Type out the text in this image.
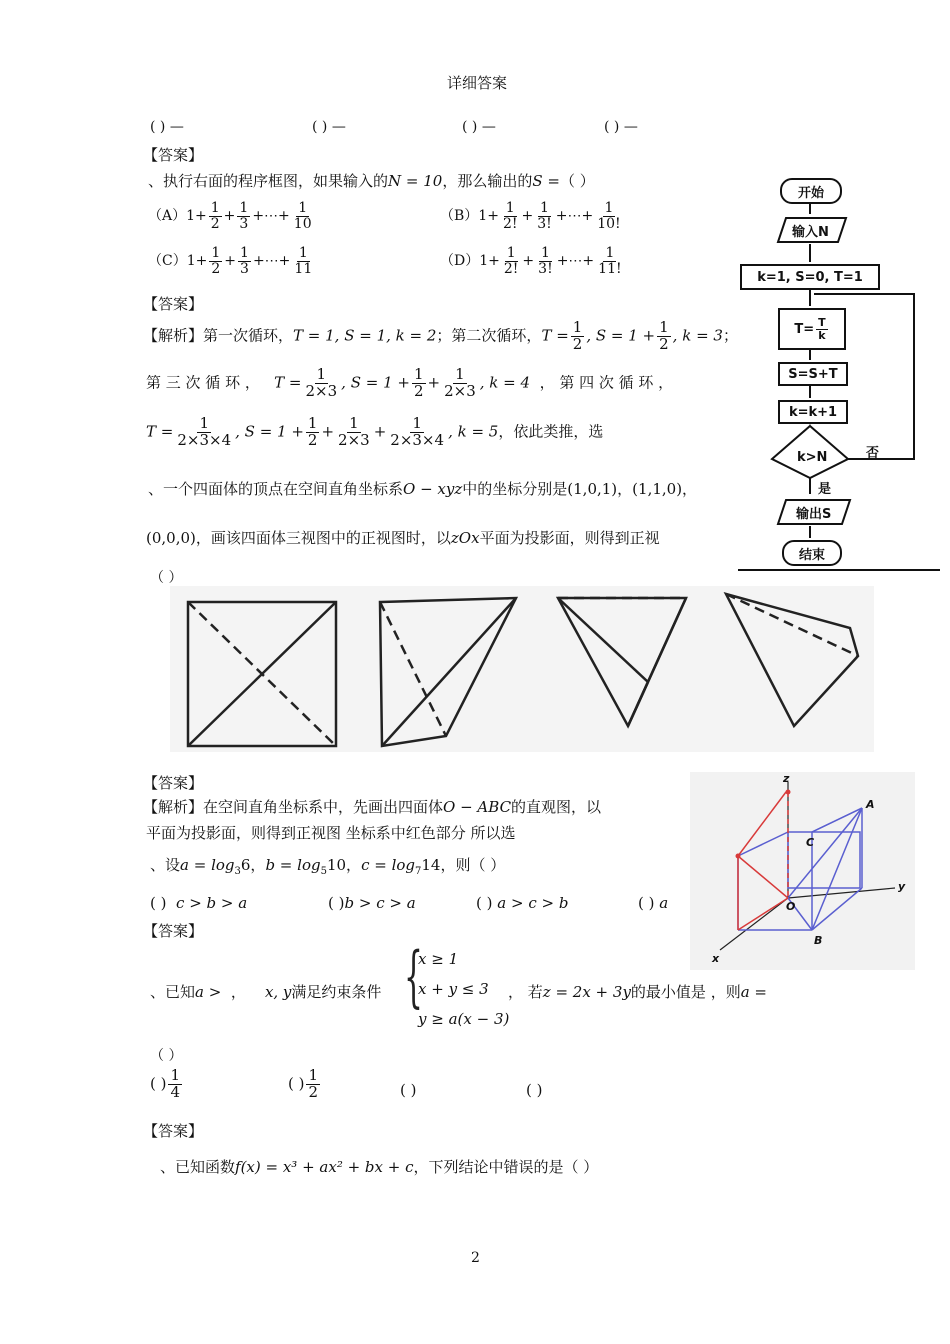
详细答案
( ) —	( ) —	( ) —	( ) —
【答案】
、执行右面的程序框图，如果输入的N = 10，那么输出的S =（ ）
$(A)1+ \frac{1}{2} + \frac{1}{3}$ +⋯+ $\frac{1}{10}$	$(B)1+ \frac{1}{2!} + \frac{1}{3!}$ +⋯+ $\frac{1}{10!}$
$(C)1+ \frac{1}{2} + \frac{1}{3}$ +⋯+ $\frac{1}{11}$	$(D)1+ \frac{1}{2!} + \frac{1}{3!}$ +⋯+ $\frac{1}{11!}$
【答案】
【解析】第一次循环，T = 1, S = 1, k = 2；第二次循环，$T = \frac{1}{2}$ , $S = 1 + \frac{1}{2}$ , k = 3；
第 三 次 循 环 ， $T = \frac{1}{2\times 3}$ , $S = 1 + \frac{1}{2} + \frac{1}{2\times 3}$ , k = 4 ， 第 四 次 循 环 ，
$T = \frac{1}{2\times 3\times 4}$ , $S = 1 + \frac{1}{2} + \frac{1}{2\times 3} + \frac{1}{2\times 3\times 4}$ , k = 5，依此类推，选
开始
输入N
k=1, S=0, T=1
$T= \frac{T}{k}$
S=S+T
k=k+1
k>N	否
是
输出S
结束
、一个四面体的顶点在空间直角坐标系O − xyz中的坐标分别是(1,0,1)，(1,1,0)，
(0,0,0)，画该四面体三视图中的正视图时，以zOx平面为投影面，则得到正视
（ ）
【答案】
【解析】在空间直角坐标系中，先画出四面体O − ABC的直观图，以
平面为投影面，则得到正视图 坐标系中红色部分 所以选
z
y
x
A
B
C
O
、设$a = \log_36$，$b = \log_510$，$c = \log_714$，则（ ）
( ) c > b > a	( )b > c > a	( ) a > c > b	( ) a
【答案】
、已知a > ， x, y满足约束条件 {
x ≥ 1
x + y ≤ 3
y ≥ a(x − 3)
， 若z = 2x + 3y的最小值是 ，则a =
（ ）
( ) $\frac{1}{4}$	( ) $\frac{1}{2}$	( )	( )
【答案】
、已知函数f(x) = x³ + ax² + bx + c，下列结论中错误的是（ ）
2
